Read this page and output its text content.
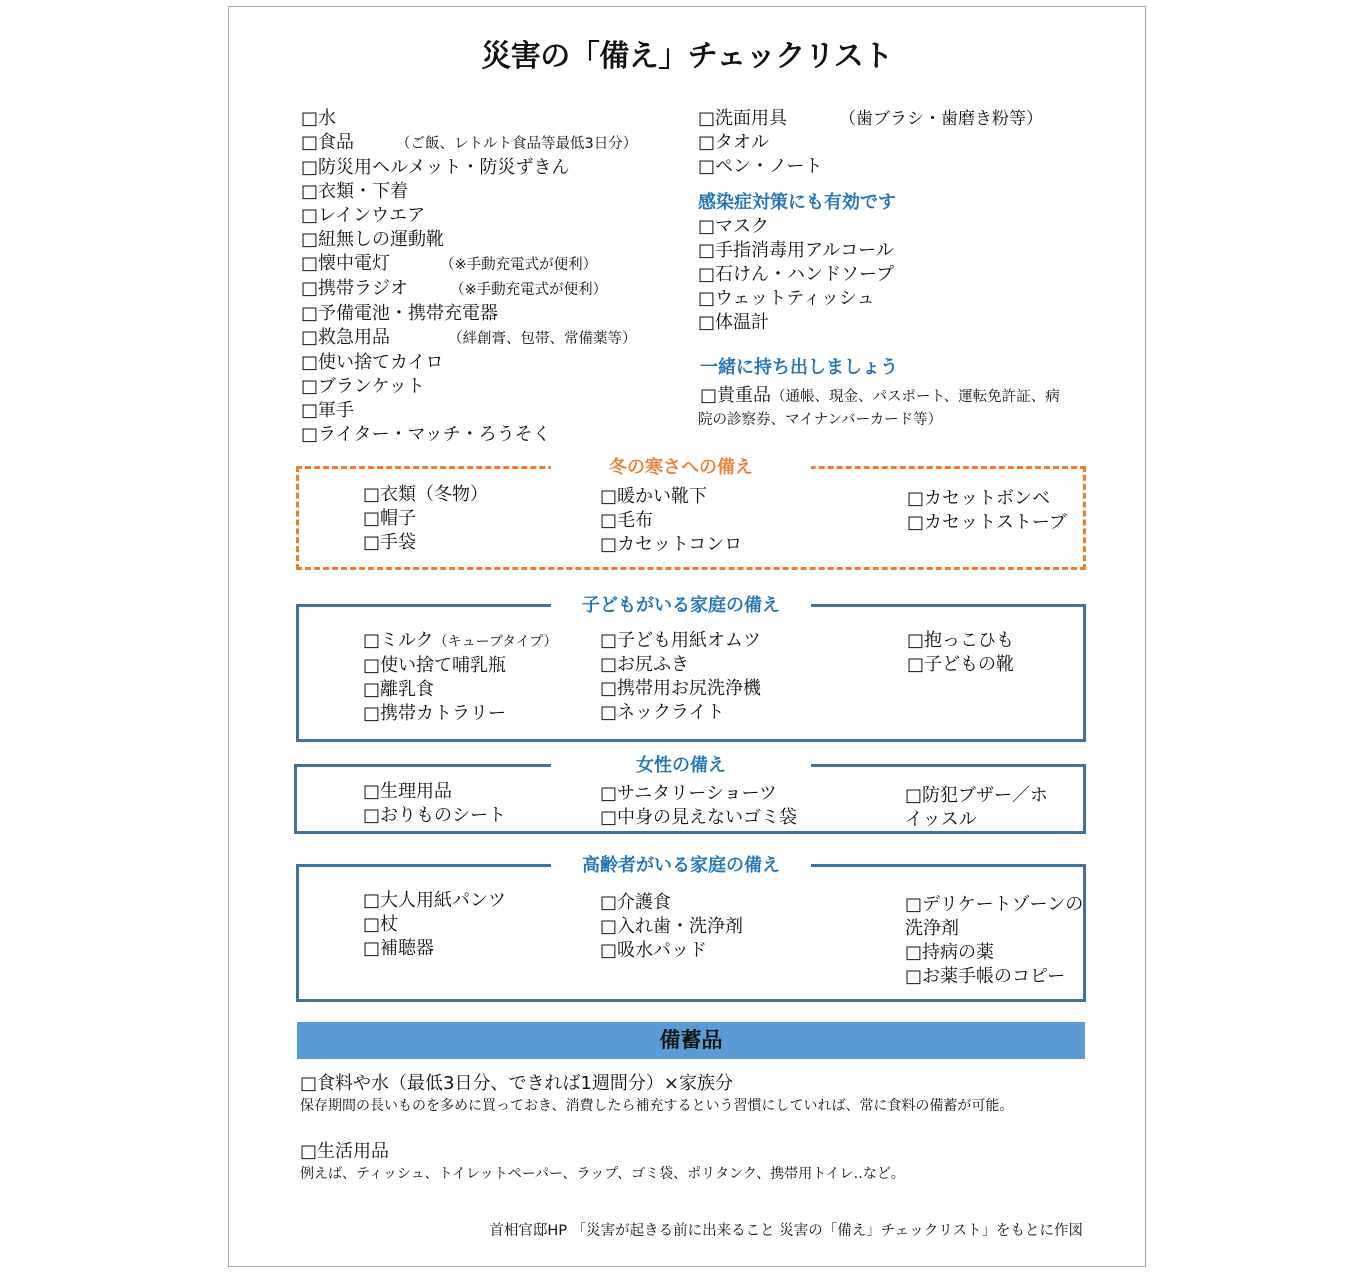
災害の「備え」チェックリスト
□水
□食品	（ご飯、レトルト食品等最低3日分）
□防災用ヘルメット・防災ずきん
□衣類・下着
□レインウエア
□紐無しの運動靴
□懐中電灯	（※手動充電式が便利）
□携帯ラジオ	（※手動充電式が便利）
□予備電池・携帯充電器
□救急用品	（絆創膏、包帯、常備薬等）
□使い捨てカイロ
□ブランケット
□軍手
□ライター・マッチ・ろうそく
□洗面用具	（歯ブラシ・歯磨き粉等）
□タオル
□ペン・ノート
感染症対策にも有効です
□マスク
□手指消毒用アルコール
□石けん・ハンドソープ
□ウェットティッシュ
□体温計
一緒に持ち出しましょう
□貴重品（通帳、現金、パスポート、運転免許証、病
院の診察券、マイナンバーカード等）
冬の寒さへの備え
□衣類（冬物）
□帽子
□手袋
□暖かい靴下
□毛布
□カセットコンロ
□カセットボンベ
□カセットストーブ
子どもがいる家庭の備え
□ミルク（キューブタイプ）
□使い捨て哺乳瓶
□離乳食
□携帯カトラリー
□子ども用紙オムツ
□お尻ふき
□携帯用お尻洗浄機
□ネックライト
□抱っこひも
□子どもの靴
女性の備え
□生理用品
□おりものシート
□サニタリーショーツ
□中身の見えないゴミ袋
□防犯ブザー／ホ
イッスル
高齢者がいる家庭の備え
□大人用紙パンツ
□杖
□補聴器
□介護食
□入れ歯・洗浄剤
□吸水パッド
□デリケートゾーンの
洗浄剤
□持病の薬
□お薬手帳のコピー
備蓄品
□食料や水（最低3日分、できれば1週間分）×家族分
保存期間の長いものを多めに買っておき、消費したら補充するという習慣にしていれば、常に食料の備蓄が可能。
□生活用品
例えば、ティッシュ、トイレットペーパー、ラップ、ゴミ袋、ポリタンク、携帯用トイレ‥など。
首相官邸HP 「災害が起きる前に出来ること 災害の「備え」チェックリスト」をもとに作図
